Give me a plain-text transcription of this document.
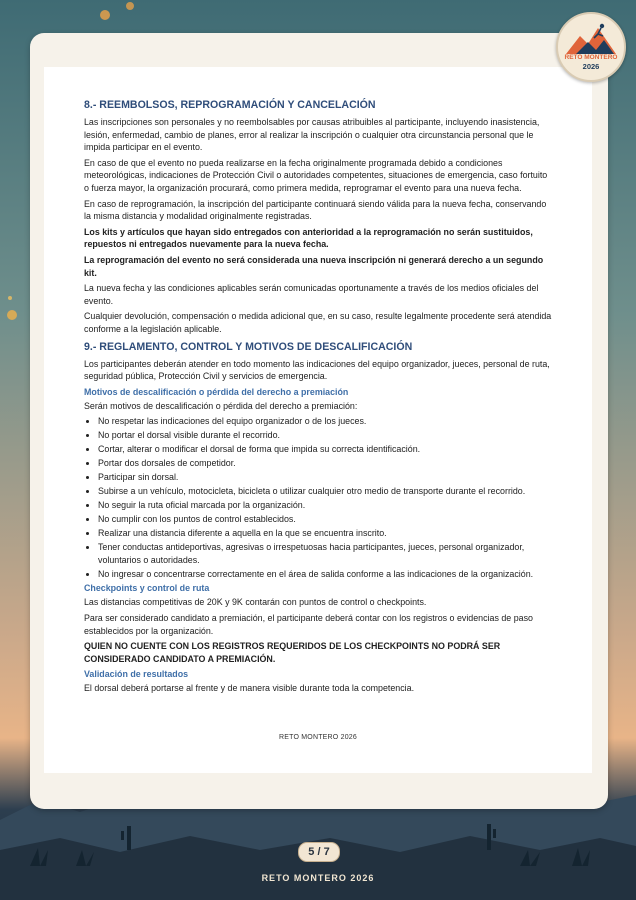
RETO MONTERO
2026
8.- REEMBOLSOS, REPROGRAMACIÓN Y CANCELACIÓN

Las inscripciones son personales y no reembolsables por causas atribuibles al participante, incluyendo inasistencia, lesión, enfermedad, cambio de planes, error al realizar la inscripción o cualquier otra circunstancia personal que le impida participar en el evento.

En caso de que el evento no pueda realizarse en la fecha originalmente programada debido a condiciones meteorológicas, indicaciones de Protección Civil o autoridades competentes, situaciones de emergencia, caso fortuito o fuerza mayor, la organización procurará, como primera medida, reprogramar el evento para una nueva fecha.

En caso de reprogramación, la inscripción del participante continuará siendo válida para la nueva fecha, conservando la misma distancia y modalidad originalmente registradas.

Los kits y artículos que hayan sido entregados con anterioridad a la reprogramación no serán sustituidos, repuestos ni entregados nuevamente para la nueva fecha.

La reprogramación del evento no será considerada una nueva inscripción ni generará derecho a un segundo kit.

La nueva fecha y las condiciones aplicables serán comunicadas oportunamente a través de los medios oficiales del evento.

Cualquier devolución, compensación o medida adicional que, en su caso, resulte legalmente procedente será atendida conforme a la legislación aplicable.

9.- REGLAMENTO, CONTROL Y MOTIVOS DE DESCALIFICACIÓN

Los participantes deberán atender en todo momento las indicaciones del equipo organizador, jueces, personal de ruta, seguridad pública, Protección Civil y servicios de emergencia.

Motivos de descalificación o pérdida del derecho a premiación

Serán motivos de descalificación o pérdida del derecho a premiación:

• No respetar las indicaciones del equipo organizador o de los jueces.
• No portar el dorsal visible durante el recorrido.
• Cortar, alterar o modificar el dorsal de forma que impida su correcta identificación.
• Portar dos dorsales de competidor.
• Participar sin dorsal.
• Subirse a un vehículo, motocicleta, bicicleta o utilizar cualquier otro medio de transporte durante el recorrido.
• No seguir la ruta oficial marcada por la organización.
• No cumplir con los puntos de control establecidos.
• Realizar una distancia diferente a aquella en la que se encuentra inscrito.
• Tener conductas antideportivas, agresivas o irrespetuosas hacia participantes, jueces, personal organizador, voluntarios o autoridades.
• No ingresar o concentrarse correctamente en el área de salida conforme a las indicaciones de la organización.
Checkpoints y control de ruta

Las distancias competitivas de 20K y 9K contarán con puntos de control o checkpoints.

Para ser considerado candidato a premiación, el participante deberá contar con los registros o evidencias de paso establecidos por la organización.

QUIEN NO CUENTE CON LOS REGISTROS REQUERIDOS DE LOS CHECKPOINTS NO PODRÁ SER CONSIDERADO CANDIDATO A PREMIACIÓN.

Validación de resultados

El dorsal deberá portarse al frente y de manera visible durante toda la competencia.

RETO MONTERO 2026
5 / 7
RETO MONTERO 2026
